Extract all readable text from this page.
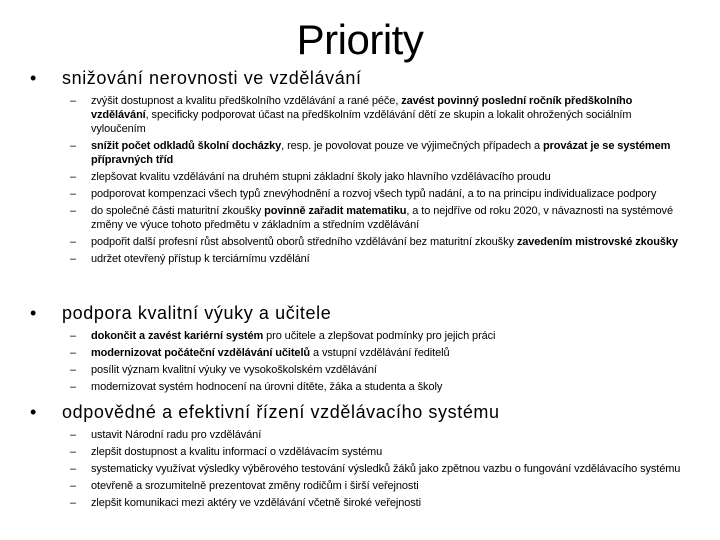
Priority
• snižování nerovnosti ve vzdělávání
– zvýšit dostupnost a kvalitu předškolního vzdělávání a rané péče, zavést povinný poslední ročník předškolního vzdělávání, specificky podporovat účast na předškolním vzdělávání dětí ze skupin a lokalit ohrožených sociálním vyloučením
– snížit počet odkladů školní docházky, resp. je povolovat pouze ve výjimečných případech a provázat je se systémem přípravných tříd
– zlepšovat kvalitu vzdělávání na druhém stupni základní školy jako hlavního vzdělávacího proudu
– podporovat kompenzaci všech typů znevýhodnění a rozvoj všech typů nadání, a to na principu individualizace podpory
– do společné části maturitní zkoušky povinně zařadit matematiku, a to nejdříve od roku 2020, v návaznosti na systémové změny ve výuce tohoto předmětu v základním a středním vzdělávání
– podpořit další profesní růst absolventů oborů středního vzdělávání bez maturitní zkoušky zavedením mistrovské zkoušky
– udržet otevřený přístup k terciárnímu vzdělání
• podpora kvalitní výuky a učitele
– dokončit a zavést kariérní systém pro učitele a zlepšovat podmínky pro jejich práci
– modernizovat počáteční vzdělávání učitelů a vstupní vzdělávání ředitelů
– posílit význam kvalitní výuky ve vysokoškolském vzdělávání
– modernizovat systém hodnocení na úrovni dítěte, žáka a studenta a školy
• odpovědné a efektivní řízení vzdělávacího systému
– ustavit Národní radu pro vzdělávání
– zlepšit dostupnost a kvalitu informací o vzdělávacím systému
– systematicky využívat výsledky výběrového testování výsledků žáků jako zpětnou vazbu o fungování vzdělávacího systému
– otevřeně a srozumitelně prezentovat změny rodičům i širší veřejnosti
– zlepšit komunikaci mezi aktéry ve vzdělávání včetně široké veřejnosti
